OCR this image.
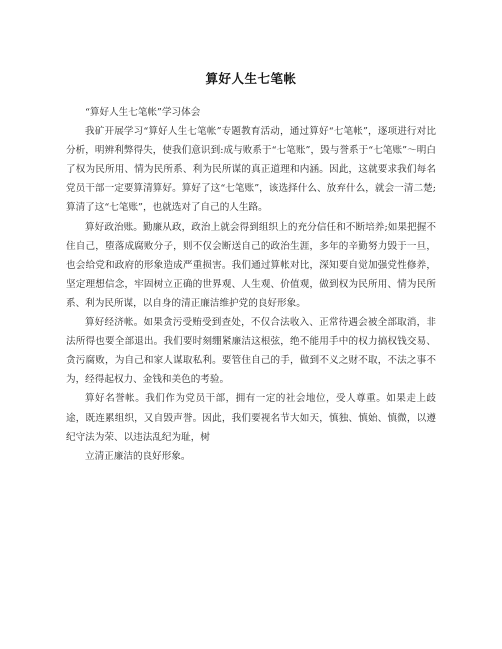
算好人生七笔帐

“算好人生七笔帐”学习体会

我矿开展学习“算好人生七笔帐”专题教育活动，通过算好“七笔帐”，逐项进行对比分析，明辨利弊得失，使我们意识到:成与败系于“七笔账”，毁与誉系于“七笔账”～明白了权为民所用、情为民所系、利为民所谋的真正道理和内涵。因此，这就要求我们每名党员干部一定要算清算好。算好了这“七笔账”，该选择什么、放弃什么，就会一清二楚;算清了这“七笔账”，也就选对了自己的人生路。

算好政治账。勤廉从政，政治上就会得到组织上的充分信任和不断培养;如果把握不住自己，堕落成腐败分子，则不仅会断送自己的政治生涯，多年的辛勤努力毁于一旦，也会给党和政府的形象造成严重损害。我们通过算帐对比，深知要自觉加强党性修养，坚定理想信念，牢固树立正确的世界观、人生观、价值观，做到权为民所用、情为民所系、利为民所谋，以自身的清正廉洁维护党的良好形象。

算好经济帐。如果贪污受贿受到查处，不仅合法收入、正常待遇会被全部取消，非法所得也要全部退出。我们要时刻绷紧廉洁这根弦，绝不能用手中的权力搞权钱交易、贪污腐败，为自己和家人谋取私利。要管住自己的手，做到不义之财不取，不法之事不为，经得起权力、金钱和美色的考验。

算好名誉帐。我们作为党员干部，拥有一定的社会地位，受人尊重。如果走上歧途，既连累组织，又自毁声誉。因此，我们要视名节大如天，慎独、慎始、慎微，以遵纪守法为荣、以违法乱纪为耻，树

立清正廉洁的良好形象。
